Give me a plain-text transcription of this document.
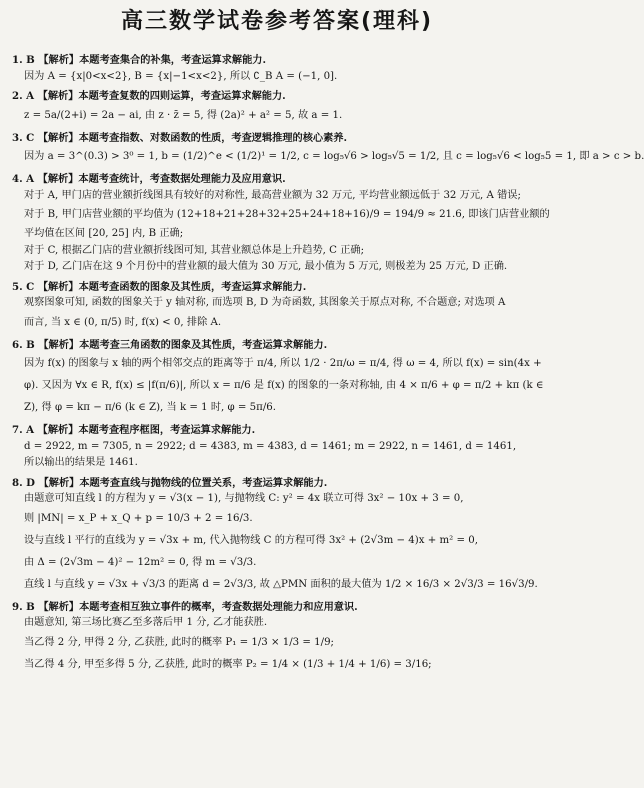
高三数学试卷参考答案(理科)
1. B 【解析】本题考查集合的补集，考查运算求解能力.
因为 A = {x|0<x<2}, B = {x|−1<x<2}, 所以 ∁_B A = (−1, 0].
2. A 【解析】本题考查复数的四则运算，考查运算求解能力.
z = 5a/(2+i) = 2a − ai, 由 z · z̄ = 5, 得 (2a)² + a² = 5, 故 a = 1.
3. C 【解析】本题考查指数、对数函数的性质，考查逻辑推理的核心素养.
因为 a = 3^(0.3) > 3⁰ = 1, b = (1/2)^e < (1/2)¹ = 1/2, c = log₅√6 > log₅√5 = 1/2, 且 c = log₅√6 < log₅5 = 1, 即 a > c > b.
4. A 【解析】本题考查统计，考查数据处理能力及应用意识.
对于 A, 甲门店的营业额折线图具有较好的对称性, 最高营业额为 32 万元, 平均营业额远低于 32 万元, A 错误;
对于 B, 甲门店营业额的平均值为 (12+18+21+28+32+25+24+18+16)/9 = 194/9 ≈ 21.6, 即该门店营业额的
平均值在区间 [20, 25] 内, B 正确;
对于 C, 根据乙门店的营业额折线图可知, 其营业额总体是上升趋势, C 正确;
对于 D, 乙门店在这 9 个月份中的营业额的最大值为 30 万元, 最小值为 5 万元, 则极差为 25 万元, D 正确.
5. C 【解析】本题考查函数的图象及其性质，考查运算求解能力.
观察图象可知, 函数的图象关于 y 轴对称, 而选项 B, D 为奇函数, 其图象关于原点对称, 不合题意; 对选项 A
而言, 当 x ∈ (0, π/5) 时, f(x) < 0, 排除 A.
6. B 【解析】本题考查三角函数的图象及其性质，考查运算求解能力.
因为 f(x) 的图象与 x 轴的两个相邻交点的距离等于 π/4, 所以 1/2 · 2π/ω = π/4, 得 ω = 4, 所以 f(x) = sin(4x +
φ). 又因为 ∀x ∈ R, f(x) ≤ |f(π/6)|, 所以 x = π/6 是 f(x) 的图象的一条对称轴, 由 4 × π/6 + φ = π/2 + kπ (k ∈
Z), 得 φ = kπ − π/6 (k ∈ Z), 当 k = 1 时, φ = 5π/6.
7. A 【解析】本题考查程序框图，考查运算求解能力.
d = 2922, m = 7305, n = 2922; d = 4383, m = 4383, d = 1461; m = 2922, n = 1461, d = 1461,
所以输出的结果是 1461.
8. D 【解析】本题考查直线与抛物线的位置关系，考查运算求解能力.
由题意可知直线 l 的方程为 y = √3(x − 1), 与抛物线 C: y² = 4x 联立可得 3x² − 10x + 3 = 0,
则 |MN| = x_P + x_Q + p = 10/3 + 2 = 16/3.
设与直线 l 平行的直线为 y = √3x + m, 代入抛物线 C 的方程可得 3x² + (2√3m − 4)x + m² = 0,
由 Δ = (2√3m − 4)² − 12m² = 0, 得 m = √3/3.
直线 l 与直线 y = √3x + √3/3 的距离 d = 2√3/3, 故 △PMN 面积的最大值为 1/2 × 16/3 × 2√3/3 = 16√3/9.
9. B 【解析】本题考查相互独立事件的概率，考查数据处理能力和应用意识.
由题意知, 第三场比赛乙至多落后甲 1 分, 乙才能获胜.
当乙得 2 分, 甲得 2 分, 乙获胜, 此时的概率 P₁ = 1/3 × 1/3 = 1/9;
当乙得 4 分, 甲至多得 5 分, 乙获胜, 此时的概率 P₂ = 1/4 × (1/3 + 1/4 + 1/6) = 3/16;
